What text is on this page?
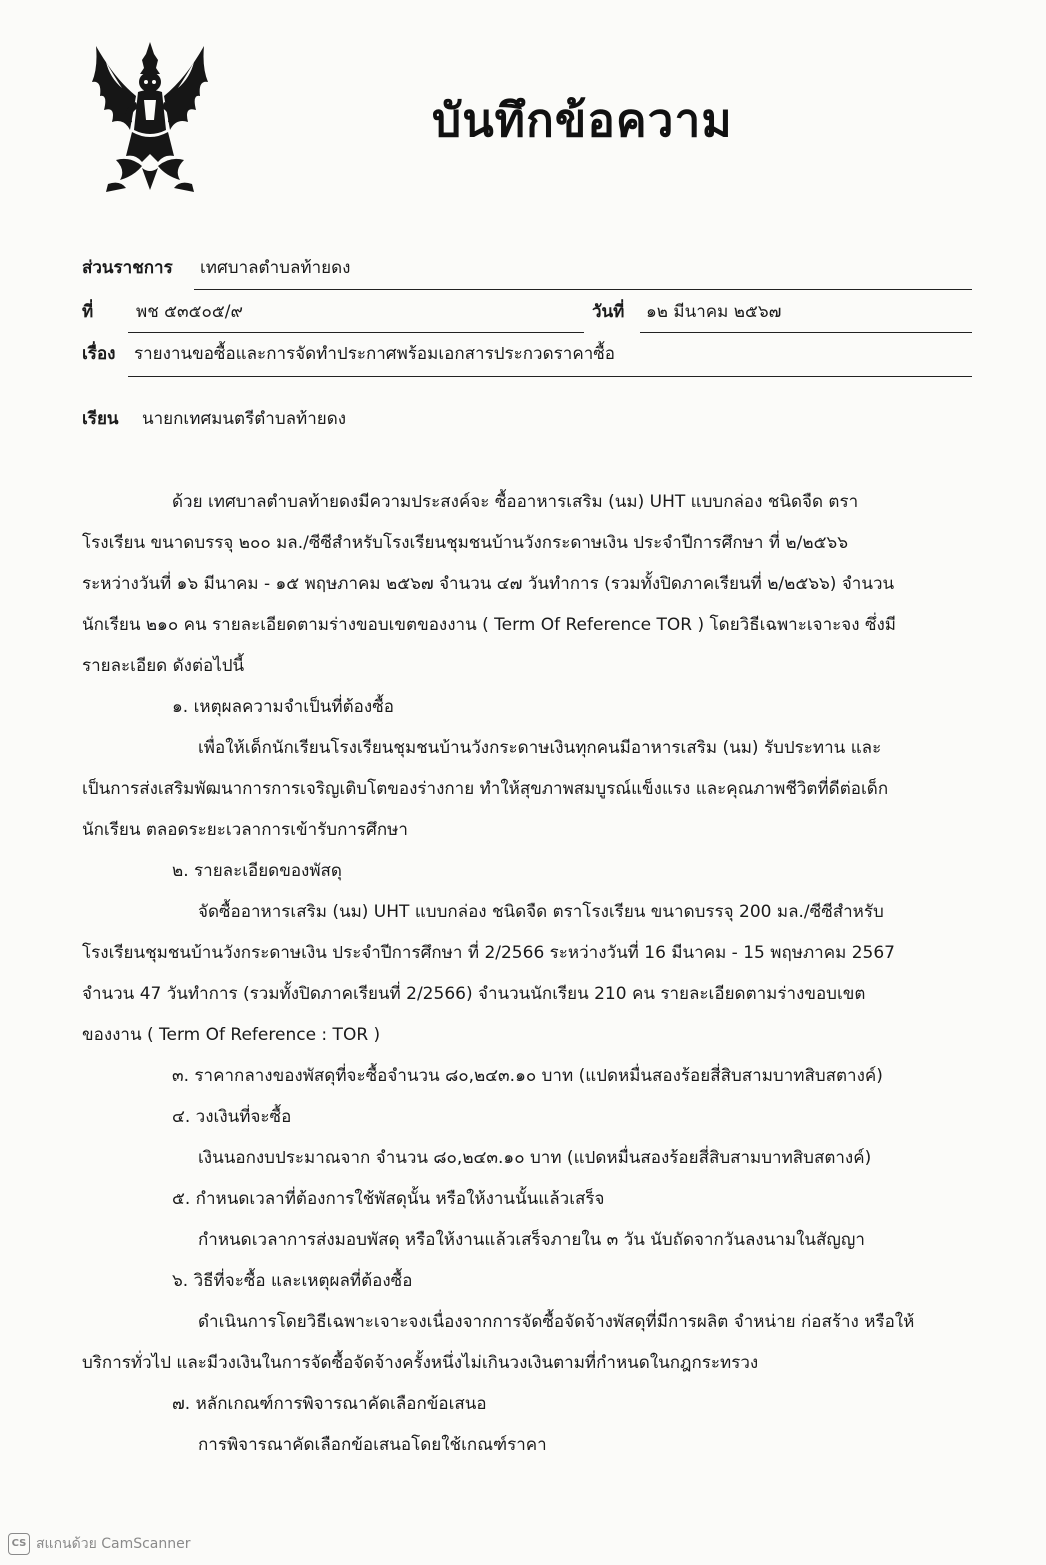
บันทึกข้อความ
ส่วนราชการ เทศบาลตำบลท้ายดง
ที่	พช ๕๓๕๐๕/๙	วันที่ ๑๒ มีนาคม ๒๕๖๗
เรื่อง รายงานขอซื้อและการจัดทำประกาศพร้อมเอกสารประกวดราคาซื้อ
เรียน นายกเทศมนตรีตำบลท้ายดง
ด้วย เทศบาลตำบลท้ายดงมีความประสงค์จะ ซื้ออาหารเสริม (นม) UHT แบบกล่อง ชนิดจืด ตรา
โรงเรียน ขนาดบรรจุ ๒๐๐ มล./ซีซีสำหรับโรงเรียนชุมชนบ้านวังกระดาษเงิน ประจำปีการศึกษา ที่ ๒/๒๕๖๖
ระหว่างวันที่ ๑๖ มีนาคม - ๑๕ พฤษภาคม ๒๕๖๗ จำนวน ๔๗ วันทำการ (รวมทั้งปิดภาคเรียนที่ ๒/๒๕๖๖) จำนวน
นักเรียน ๒๑๐ คน รายละเอียดตามร่างขอบเขตของงาน ( Term Of Reference TOR ) โดยวิธีเฉพาะเจาะจง ซึ่งมี
รายละเอียด ดังต่อไปนี้
๑. เหตุผลความจำเป็นที่ต้องซื้อ
เพื่อให้เด็กนักเรียนโรงเรียนชุมชนบ้านวังกระดาษเงินทุกคนมีอาหารเสริม (นม) รับประทาน และ
เป็นการส่งเสริมพัฒนาการการเจริญเติบโตของร่างกาย ทำให้สุขภาพสมบูรณ์แข็งแรง และคุณภาพชีวิตที่ดีต่อเด็ก
นักเรียน ตลอดระยะเวลาการเข้ารับการศึกษา
๒. รายละเอียดของพัสดุ
จัดซื้ออาหารเสริม (นม) UHT แบบกล่อง ชนิดจืด ตราโรงเรียน ขนาดบรรจุ 200 มล./ซีซีสำหรับ
โรงเรียนชุมชนบ้านวังกระดาษเงิน ประจำปีการศึกษา ที่ 2/2566 ระหว่างวันที่ 16 มีนาคม - 15 พฤษภาคม 2567
จำนวน 47 วันทำการ (รวมทั้งปิดภาคเรียนที่ 2/2566) จำนวนนักเรียน 210 คน รายละเอียดตามร่างขอบเขต
ของงาน ( Term Of Reference : TOR )
๓. ราคากลางของพัสดุที่จะซื้อจำนวน ๘๐,๒๔๓.๑๐ บาท (แปดหมื่นสองร้อยสี่สิบสามบาทสิบสตางค์)
๔. วงเงินที่จะซื้อ
เงินนอกงบประมาณจาก จำนวน ๘๐,๒๔๓.๑๐ บาท (แปดหมื่นสองร้อยสี่สิบสามบาทสิบสตางค์)
๕. กำหนดเวลาที่ต้องการใช้พัสดุนั้น หรือให้งานนั้นแล้วเสร็จ
กำหนดเวลาการส่งมอบพัสดุ หรือให้งานแล้วเสร็จภายใน ๓ วัน นับถัดจากวันลงนามในสัญญา
๖. วิธีที่จะซื้อ และเหตุผลที่ต้องซื้อ
ดำเนินการโดยวิธีเฉพาะเจาะจงเนื่องจากการจัดซื้อจัดจ้างพัสดุที่มีการผลิต จำหน่าย ก่อสร้าง หรือให้
บริการทั่วไป และมีวงเงินในการจัดซื้อจัดจ้างครั้งหนึ่งไม่เกินวงเงินตามที่กำหนดในกฎกระทรวง
๗. หลักเกณฑ์การพิจารณาคัดเลือกข้อเสนอ
การพิจารณาคัดเลือกข้อเสนอโดยใช้เกณฑ์ราคา
CS สแกนด้วย CamScanner
